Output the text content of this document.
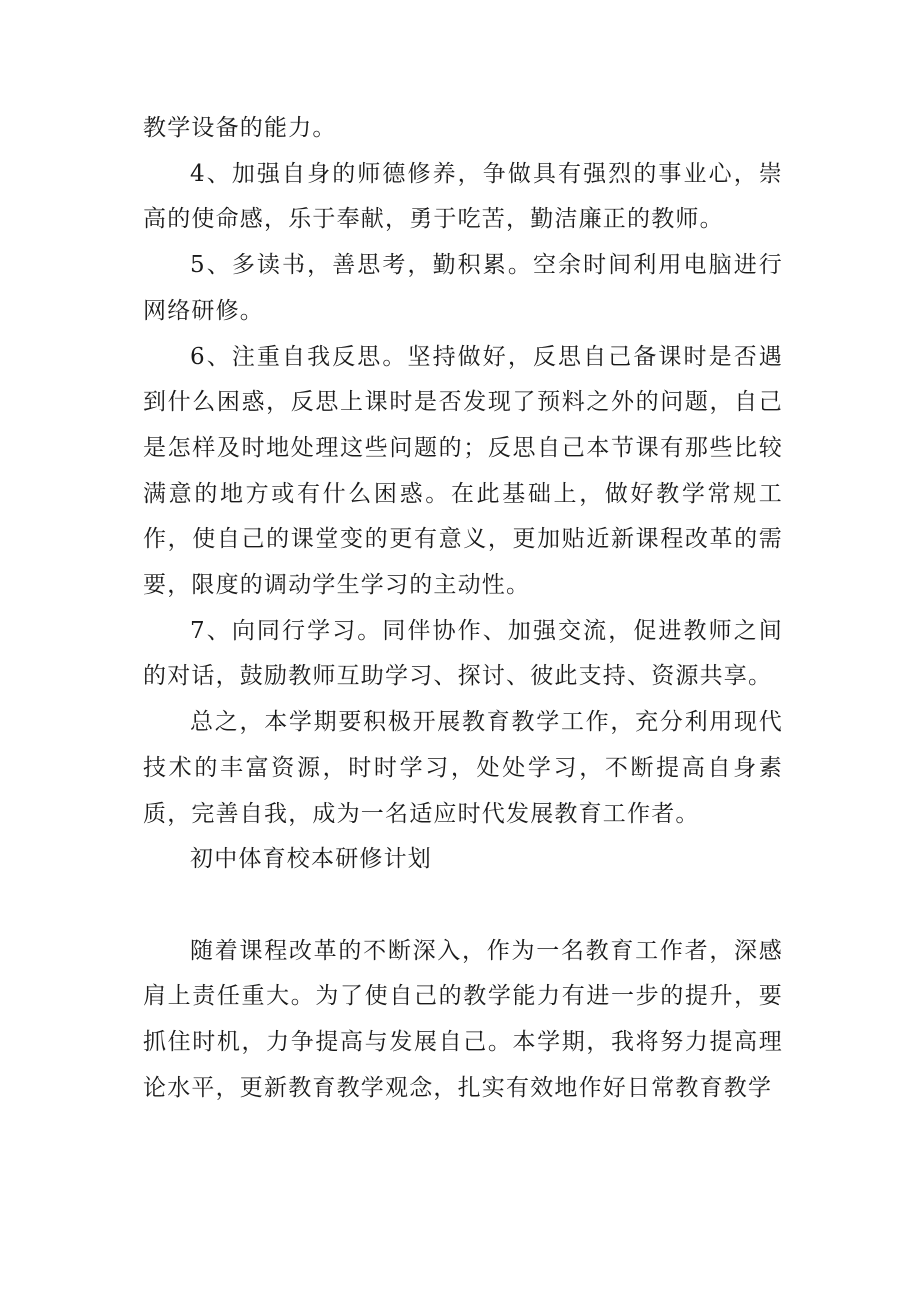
教学设备的能力。

4、加强自身的师德修养，争做具有强烈的事业心，崇高的使命感，乐于奉献，勇于吃苦，勤洁廉正的教师。

5、多读书，善思考，勤积累。空余时间利用电脑进行网络研修。

6、注重自我反思。坚持做好，反思自己备课时是否遇到什么困惑，反思上课时是否发现了预料之外的问题，自己是怎样及时地处理这些问题的；反思自己本节课有那些比较满意的地方或有什么困惑。在此基础上，做好教学常规工作，使自己的课堂变的更有意义，更加贴近新课程改革的需要，限度的调动学生学习的主动性。

7、向同行学习。同伴协作、加强交流，促进教师之间的对话，鼓励教师互助学习、探讨、彼此支持、资源共享。

总之，本学期要积极开展教育教学工作，充分利用现代技术的丰富资源，时时学习，处处学习，不断提高自身素质，完善自我，成为一名适应时代发展教育工作者。

初中体育校本研修计划

随着课程改革的不断深入，作为一名教育工作者，深感肩上责任重大。为了使自己的教学能力有进一步的提升，要抓住时机，力争提高与发展自己。本学期，我将努力提高理论水平，更新教育教学观念，扎实有效地作好日常教育教学
